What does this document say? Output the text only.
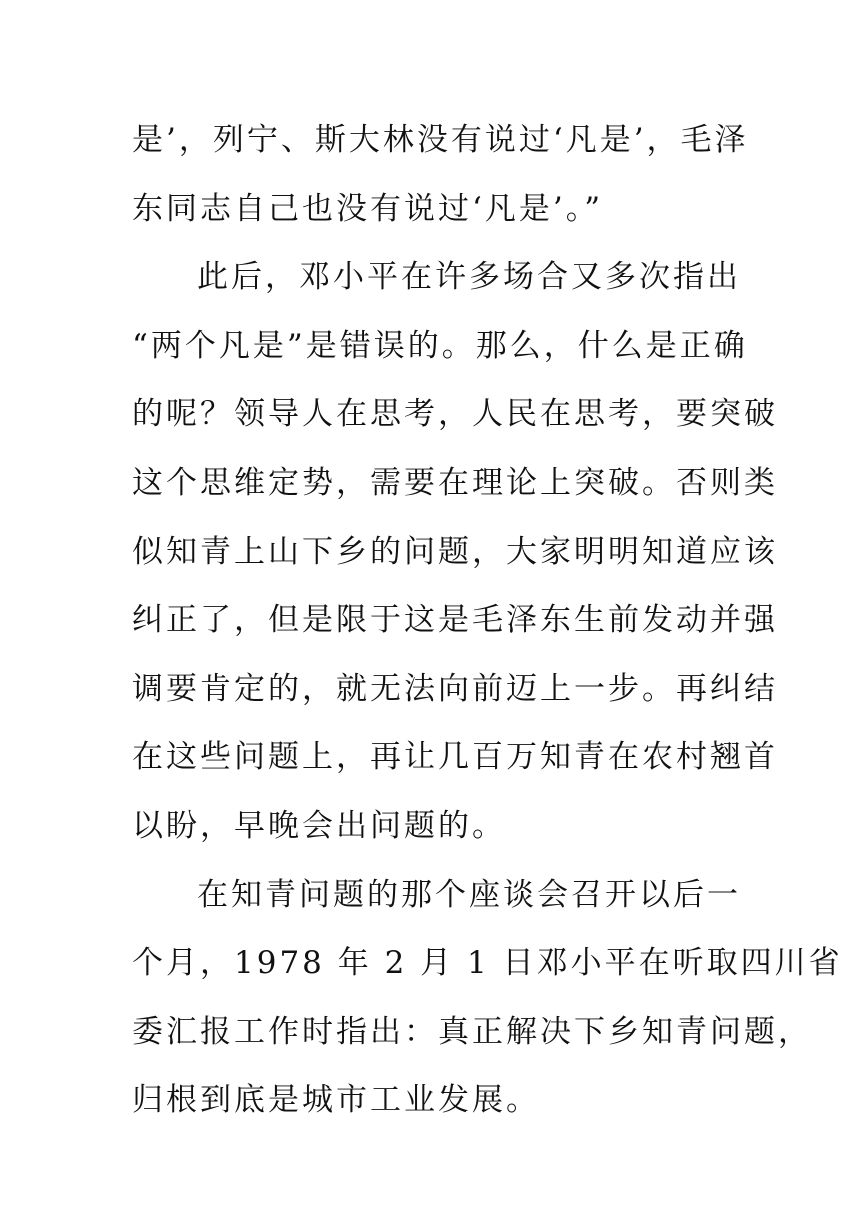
是’，列宁、斯大林没有说过‘凡是’，毛泽
东同志自己也没有说过‘凡是’。”
此后，邓小平在许多场合又多次指出
“两个凡是”是错误的。那么，什么是正确
的呢？领导人在思考，人民在思考，要突破
这个思维定势，需要在理论上突破。否则类
似知青上山下乡的问题，大家明明知道应该
纠正了，但是限于这是毛泽东生前发动并强
调要肯定的，就无法向前迈上一步。再纠结
在这些问题上，再让几百万知青在农村翘首
以盼，早晚会出问题的。
在知青问题的那个座谈会召开以后一
个月，1978 年 2 月 1 日邓小平在听取四川省
委汇报工作时指出：真正解决下乡知青问题，
归根到底是城市工业发展。
